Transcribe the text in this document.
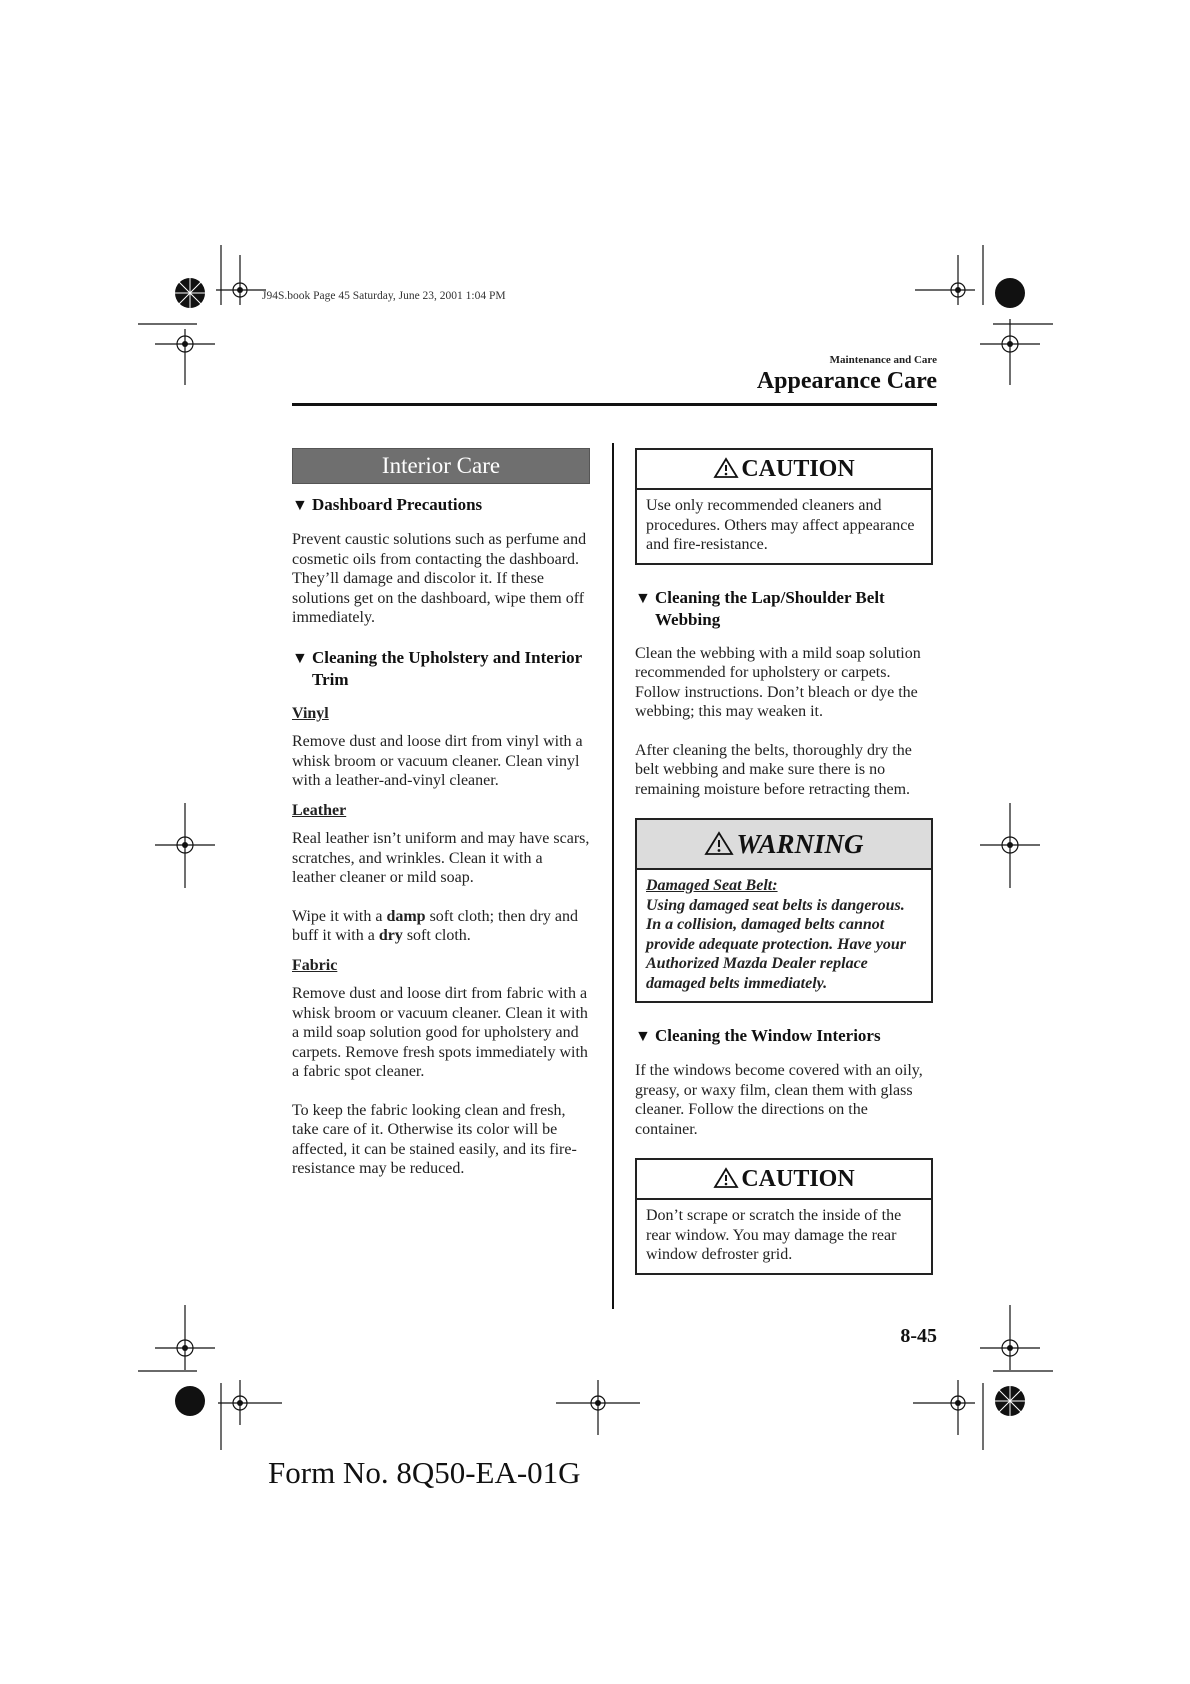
J94S.book Page 45 Saturday, June 23, 2001 1:04 PM
Maintenance and Care
Appearance Care
Interior Care
▼ Dashboard Precautions

Prevent caustic solutions such as perfume and cosmetic oils from contacting the dashboard. They’ll damage and discolor it. If these solutions get on the dashboard, wipe them off immediately.

▼ Cleaning the Upholstery and Interior Trim
Vinyl

Remove dust and loose dirt from vinyl with a whisk broom or vacuum cleaner. Clean vinyl with a leather-and-vinyl cleaner.

Leather

Real leather isn’t uniform and may have scars, scratches, and wrinkles. Clean it with a leather cleaner or mild soap.

Wipe it with a damp soft cloth; then dry and buff it with a dry soft cloth.

Fabric

Remove dust and loose dirt from fabric with a whisk broom or vacuum cleaner. Clean it with a mild soap solution good for upholstery and carpets. Remove fresh spots immediately with a fabric spot cleaner.

To keep the fabric looking clean and fresh, take care of it. Otherwise its color will be affected, it can be stained easily, and its fire-resistance may be reduced.

CAUTION
Use only recommended cleaners and procedures. Others may affect appearance and fire-resistance.
▼ Cleaning the Lap/Shoulder Belt Webbing

Clean the webbing with a mild soap solution recommended for upholstery or carpets. Follow instructions. Don’t bleach or dye the webbing; this may weaken it.

After cleaning the belts, thoroughly dry the belt webbing and make sure there is no remaining moisture before retracting them.

WARNING
Damaged Seat Belt:
Using damaged seat belts is dangerous. In a collision, damaged belts cannot provide adequate protection. Have your Authorized Mazda Dealer replace damaged belts immediately.
▼ Cleaning the Window Interiors

If the windows become covered with an oily, greasy, or waxy film, clean them with glass cleaner. Follow the directions on the container.

CAUTION
Don’t scrape or scratch the inside of the rear window. You may damage the rear window defroster grid.
8-45
Form No. 8Q50-EA-01G
